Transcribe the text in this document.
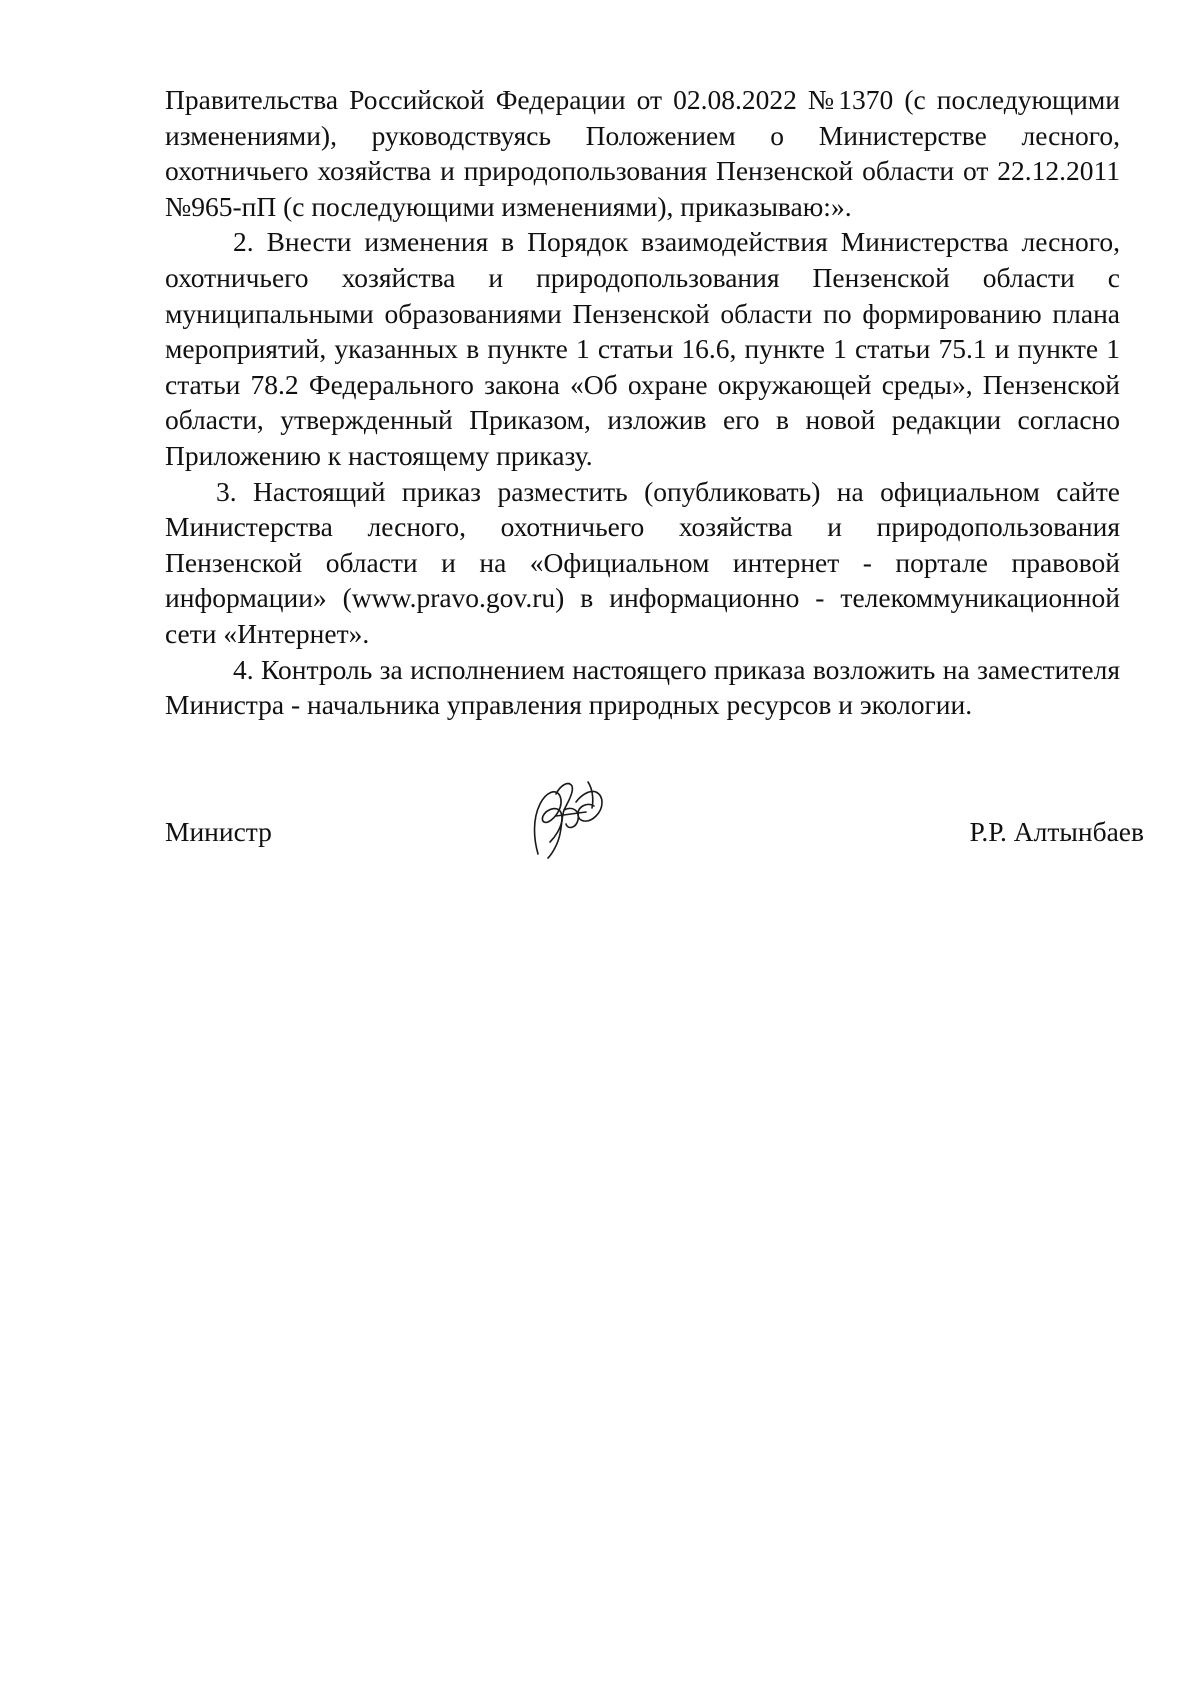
Правительства Российской Федерации от 02.08.2022 №1370 (с последующими изменениями), руководствуясь Положением о Министерстве лесного, охотничьего хозяйства и природопользования Пензенской области от 22.12.2011 №965-пП (с последующими изменениями), приказываю:».

2. Внести изменения в Порядок взаимодействия Министерства лесного, охотничьего хозяйства и природопользования Пензенской области с муниципальными образованиями Пензенской области по формированию плана мероприятий, указанных в пункте 1 статьи 16.6, пункте 1 статьи 75.1 и пункте 1 статьи 78.2 Федерального закона «Об охране окружающей среды», Пензенской области, утвержденный Приказом, изложив его в новой редакции согласно Приложению к настоящему приказу.

3. Настоящий приказ разместить (опубликовать) на официальном сайте Министерства лесного, охотничьего хозяйства и природопользования Пензенской области и на «Официальном интернет - портале правовой информации» (www.pravo.gov.ru) в информационно - телекоммуникационной сети «Интернет».

4. Контроль за исполнением настоящего приказа возложить на заместителя Министра - начальника управления природных ресурсов и экологии.

Министр	Р.Р. Алтынбаев
